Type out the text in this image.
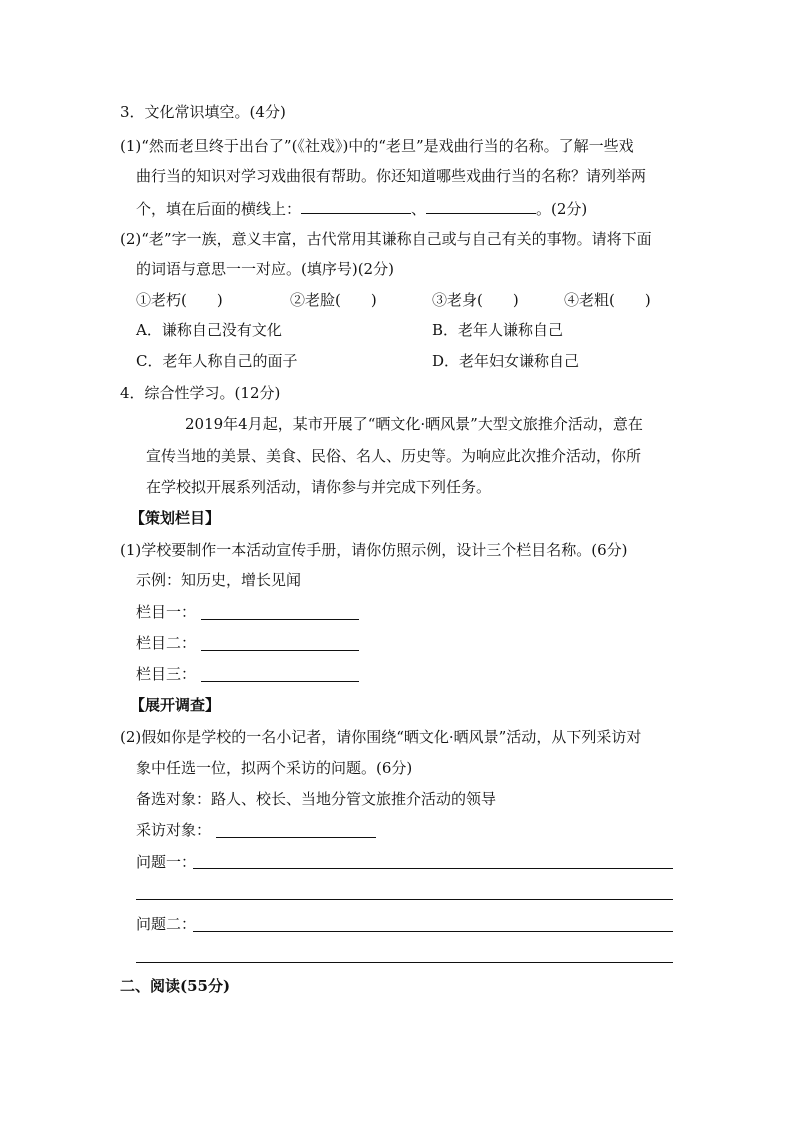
3．文化常识填空。(4分)
(1)“然而老旦终于出台了”(《社戏》)中的“老旦”是戏曲行当的名称。了解一些戏
曲行当的知识对学习戏曲很有帮助。你还知道哪些戏曲行当的名称？请列举两
个，填在后面的横线上：	、	。(2分)
(2)“老”字一族，意义丰富，古代常用其谦称自己或与自己有关的事物。请将下面
的词语与意思一一对应。(填序号)(2分)
①老朽(　　)	②老脸(　　)	③老身(　　)	④老粗(　　)
A．谦称自己没有文化	B．老年人谦称自己
C．老年人称自己的面子	D．老年妇女谦称自己
4．综合性学习。(12分)
2019年4月起，某市开展了“晒文化·晒风景”大型文旅推介活动，意在
宣传当地的美景、美食、民俗、名人、历史等。为响应此次推介活动，你所
在学校拟开展系列活动，请你参与并完成下列任务。
【策划栏目】
(1)学校要制作一本活动宣传手册，请你仿照示例，设计三个栏目名称。(6分)
示例：知历史，增长见闻
栏目一：
栏目二：
栏目三：
【展开调查】
(2)假如你是学校的一名小记者，请你围绕“晒文化·晒风景”活动，从下列采访对
象中任选一位，拟两个采访的问题。(6分)
备选对象：路人、校长、当地分管文旅推介活动的领导
采访对象：
问题一：
问题二：
二、阅读(55分)
